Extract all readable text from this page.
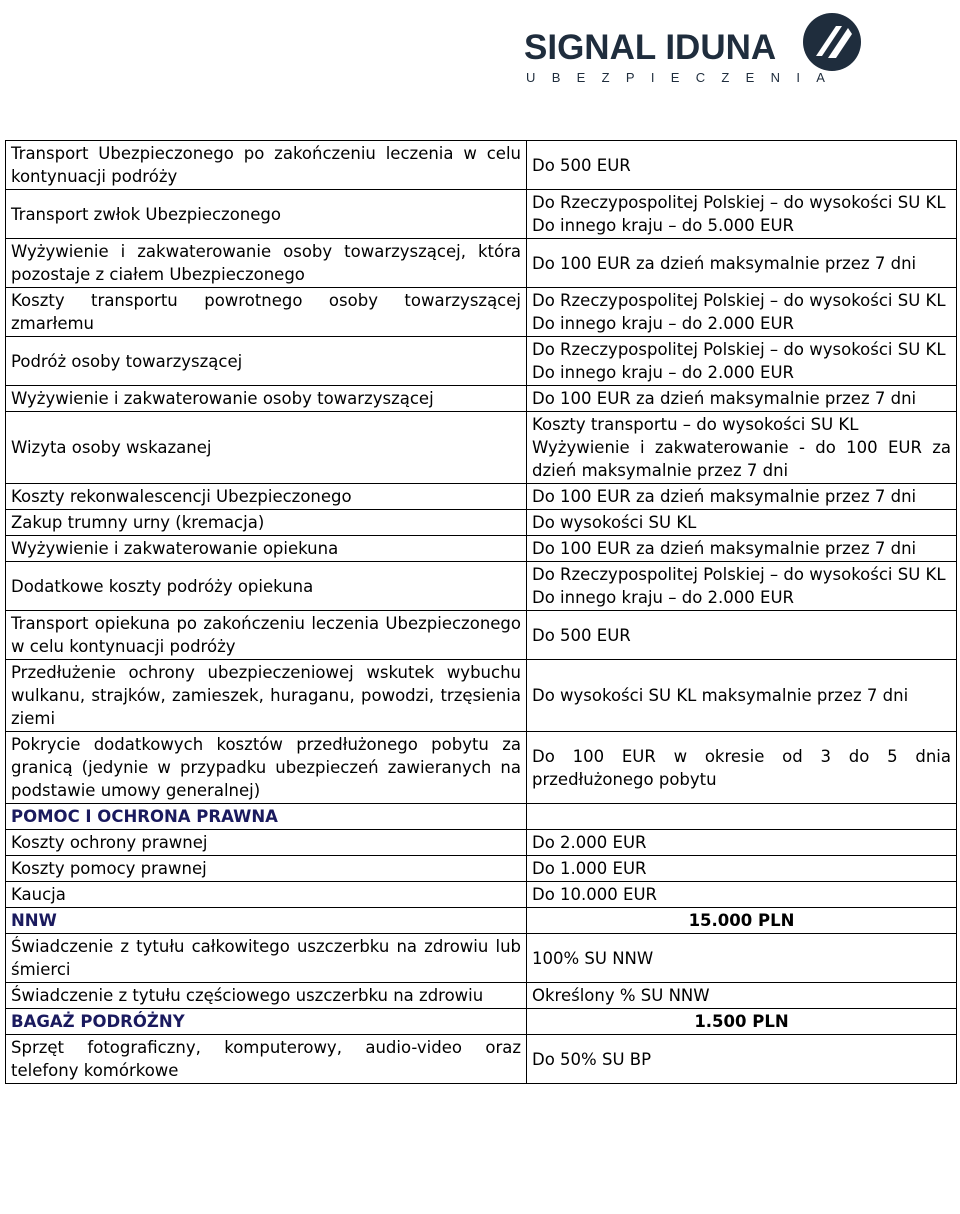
SIGNAL IDUNA
UBEZPIECZENIA
Transport Ubezpieczonego po zakończeniu leczenia w celu kontynuacji podróży	Do 500 EUR

Transport zwłok Ubezpieczonego	Do Rzeczypospolitej Polskiej – do wysokości SU KL
Do innego kraju – do 5.000 EUR

Wyżywienie i zakwaterowanie osoby towarzyszącej, która pozostaje z ciałem Ubezpieczonego	Do 100 EUR za dzień maksymalnie przez 7 dni

Koszty transportu powrotnego osoby towarzyszącej zmarłemu	Do Rzeczypospolitej Polskiej – do wysokości SU KL
Do innego kraju – do 2.000 EUR

Podróż osoby towarzyszącej	Do Rzeczypospolitej Polskiej – do wysokości SU KL
Do innego kraju – do 2.000 EUR

Wyżywienie i zakwaterowanie osoby towarzyszącej	Do 100 EUR za dzień maksymalnie przez 7 dni

Wizyta osoby wskazanej	Koszty transportu – do wysokości SU KL
Wyżywienie i zakwaterowanie - do 100 EUR za dzień maksymalnie przez 7 dni

Koszty rekonwalescencji Ubezpieczonego	Do 100 EUR za dzień maksymalnie przez 7 dni

Zakup trumny urny (kremacja)	Do wysokości SU KL

Wyżywienie i zakwaterowanie opiekuna	Do 100 EUR za dzień maksymalnie przez 7 dni

Dodatkowe koszty podróży opiekuna	Do Rzeczypospolitej Polskiej – do wysokości SU KL
Do innego kraju – do 2.000 EUR

Transport opiekuna po zakończeniu leczenia Ubezpieczonego w celu kontynuacji podróży	Do 500 EUR

Przedłużenie ochrony ubezpieczeniowej wskutek wybuchu wulkanu, strajków, zamieszek, huraganu, powodzi, trzęsienia ziemi	Do wysokości SU KL maksymalnie przez 7 dni

Pokrycie dodatkowych kosztów przedłużonego pobytu za granicą (jedynie w przypadku ubezpieczeń zawieranych na podstawie umowy generalnej)	Do 100 EUR w okresie od 3 do 5 dnia przedłużonego pobytu

POMOC I OCHRONA PRAWNA	

Koszty ochrony prawnej	Do 2.000 EUR

Koszty pomocy prawnej	Do 1.000 EUR

Kaucja	Do 10.000 EUR

NNW	15.000 PLN

Świadczenie z tytułu całkowitego uszczerbku na zdrowiu lub śmierci	100% SU NNW

Świadczenie z tytułu częściowego uszczerbku na zdrowiu	Określony % SU NNW

BAGAŻ PODRÓŻNY	1.500 PLN

Sprzęt fotograficzny, komputerowy, audio-video oraz telefony komórkowe	Do 50% SU BP
